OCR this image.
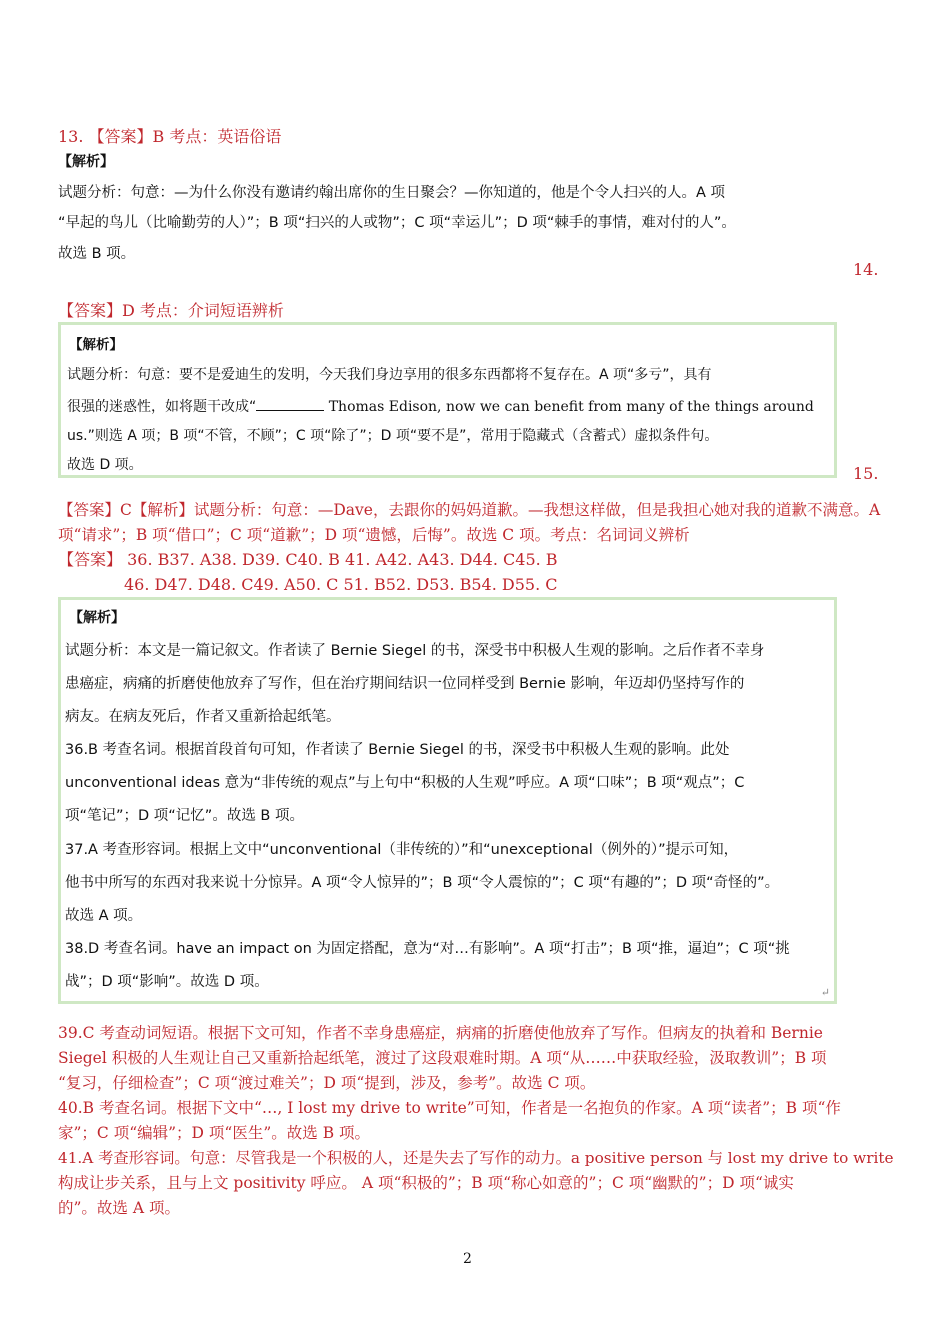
13. 【答案】B 考点：英语俗语
【解析】
试题分析：句意：—为什么你没有邀请约翰出席你的生日聚会？—你知道的，他是个令人扫兴的人。A 项
“早起的鸟儿（比喻勤劳的人）”；B 项“扫兴的人或物”；C 项“幸运儿”；D 项“棘手的事情，难对付的人”。
故选 B 项。
14.
【答案】D 考点：介词短语辨析
【解析】
试题分析：句意：要不是爱迪生的发明，今天我们身边享用的很多东西都将不复存在。A 项“多亏”，具有
很强的迷惑性，如将题干改成“	Thomas Edison, now we can benefit from many of the things around
us.”则选 A 项；B 项“不管，不顾”；C 项“除了”；D 项“要不是”，常用于隐藏式（含蓄式）虚拟条件句。
故选 D 项。	15.
【答案】C【解析】试题分析：句意：—Dave，去跟你的妈妈道歉。—我想这样做，但是我担心她对我的道歉不满意。A
项“请求”；B 项“借口”；C 项“道歉”；D 项“遗憾，后悔”。故选 C 项。考点：名词词义辨析
【答案】 36. B37. A38. D39. C40. B 41. A42. A43. D44. C45. B
46. D47. D48. C49. A50. C 51. B52. D53. B54. D55. C
【解析】
试题分析：本文是一篇记叙文。作者读了 Bernie Siegel 的书，深受书中积极人生观的影响。之后作者不幸身
患癌症，病痛的折磨使他放弃了写作，但在治疗期间结识一位同样受到 Bernie 影响，年迈却仍坚持写作的
病友。在病友死后，作者又重新拾起纸笔。
36.B 考查名词。根据首段首句可知，作者读了 Bernie Siegel 的书，深受书中积极人生观的影响。此处
unconventional ideas 意为“非传统的观点”与上句中“积极的人生观”呼应。A 项“口味”；B 项“观点”；C
项“笔记”；D 项“记忆”。故选 B 项。
37.A 考查形容词。根据上文中“unconventional（非传统的）”和“unexceptional（例外的）”提示可知，
他书中所写的东西对我来说十分惊异。A 项“令人惊异的”；B 项“令人震惊的”；C 项“有趣的”；D 项“奇怪的”。
故选 A 项。
38.D 考查名词。have an impact on 为固定搭配，意为“对…有影响”。A 项“打击”；B 项“推，逼迫”；C 项“挑
战”；D 项“影响”。故选 D 项。
↵
39.C 考查动词短语。根据下文可知，作者不幸身患癌症，病痛的折磨使他放弃了写作。但病友的执着和 Bernie
Siegel 积极的人生观让自己又重新拾起纸笔，渡过了这段艰难时期。A 项“从……中获取经验，汲取教训”；B 项
“复习，仔细检查”；C 项“渡过难关”；D 项“提到，涉及，参考”。故选 C 项。
40.B 考查名词。根据下文中“…, I lost my drive to write”可知，作者是一名抱负的作家。A 项“读者”；B 项“作
家”；C 项“编辑”；D 项“医生”。故选 B 项。
41.A 考查形容词。句意：尽管我是一个积极的人，还是失去了写作的动力。a positive person 与 lost my drive to write
构成让步关系，且与上文 positivity 呼应。 A 项“积极的”；B 项“称心如意的”；C 项“幽默的”；D 项“诚实
的”。故选 A 项。
2
